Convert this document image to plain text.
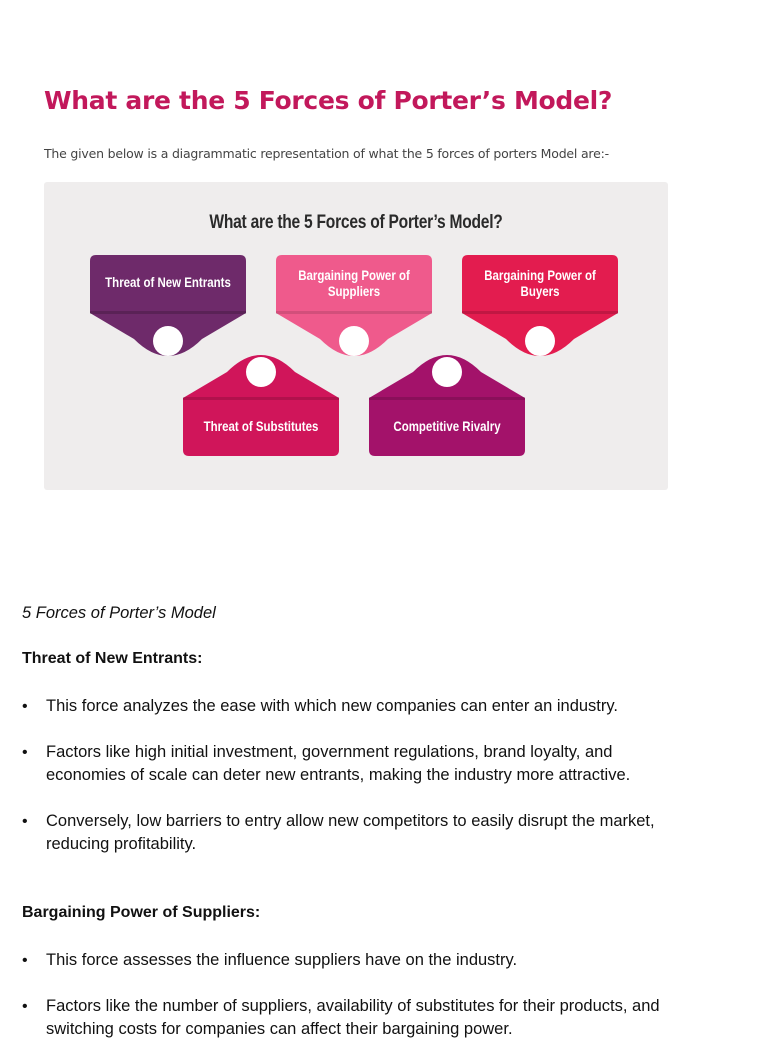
What are the 5 Forces of Porter’s Model?

The given below is a diagrammatic representation of what the 5 forces of porters Model are:-

What are the 5 Forces of Porter’s Model?
Threat of New Entrants	Bargaining Power of
Suppliers
Bargaining Power of
Buyers
Threat of Substitutes	Competitive Rivalry

5 Forces of Porter’s Model

Threat of New Entrants:

• This force analyzes the ease with which new companies can enter an industry.
• Factors like high initial investment, government regulations, brand loyalty, and economies of scale can deter new entrants, making the industry more attractive.
• Conversely, low barriers to entry allow new competitors to easily disrupt the market, reducing profitability.

Bargaining Power of Suppliers:

• This force assesses the influence suppliers have on the industry.
• Factors like the number of suppliers, availability of substitutes for their products, and switching costs for companies can affect their bargaining power.
